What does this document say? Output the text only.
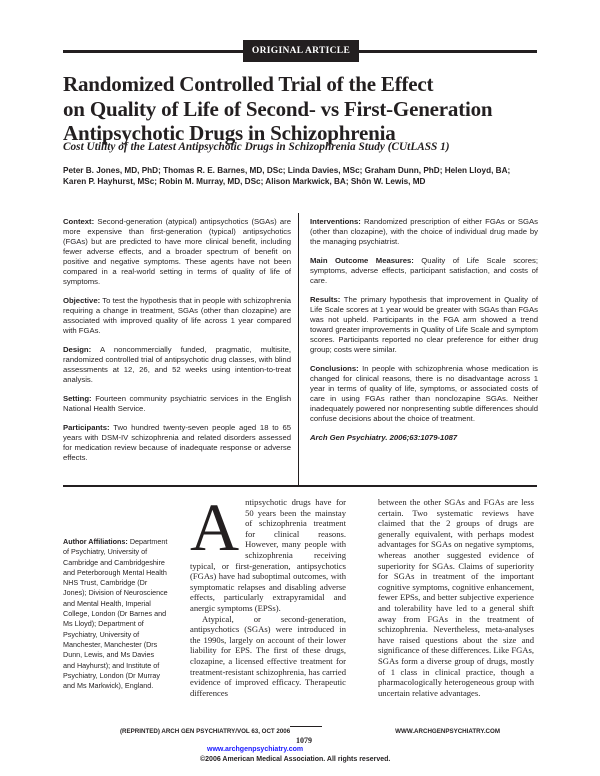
ORIGINAL ARTICLE
Randomized Controlled Trial of the Effect
on Quality of Life of Second- vs First-Generation
Antipsychotic Drugs in Schizophrenia
Cost Utility of the Latest Antipsychotic Drugs in Schizophrenia Study (CUtLASS 1)
Peter B. Jones, MD, PhD; Thomas R. E. Barnes, MD, DSc; Linda Davies, MSc; Graham Dunn, PhD; Helen Lloyd, BA;
Karen P. Hayhurst, MSc; Robin M. Murray, MD, DSc; Alison Markwick, BA; Shôn W. Lewis, MD

Context: Second-generation (atypical) antipsychotics (SGAs) are more expensive than first-generation (typical) antipsychotics (FGAs) but are predicted to have more clinical benefit, including fewer adverse effects, and a broader spectrum of benefit on positive and negative symptoms. These agents have not been compared in a real-world setting in terms of quality of life of symptoms.

Objective: To test the hypothesis that in people with schizophrenia requiring a change in treatment, SGAs (other than clozapine) are associated with improved quality of life across 1 year compared with FGAs.

Design: A noncommercially funded, pragmatic, multisite, randomized controlled trial of antipsychotic drug classes, with blind assessments at 12, 26, and 52 weeks using intention-to-treat analysis.

Setting: Fourteen community psychiatric services in the English National Health Service.

Participants: Two hundred twenty-seven people aged 18 to 65 years with DSM-IV schizophrenia and related disorders assessed for medication review because of inadequate response or adverse effects.

Interventions: Randomized prescription of either FGAs or SGAs (other than clozapine), with the choice of individual drug made by the managing psychiatrist.

Main Outcome Measures: Quality of Life Scale scores; symptoms, adverse effects, participant satisfaction, and costs of care.

Results: The primary hypothesis that improvement in Quality of Life Scale scores at 1 year would be greater with SGAs than FGAs was not upheld. Participants in the FGA arm showed a trend toward greater improvements in Quality of Life Scale and symptom scores. Participants reported no clear preference for either drug group; costs were similar.

Conclusions: In people with schizophrenia whose medication is changed for clinical reasons, there is no disadvantage across 1 year in terms of quality of life, symptoms, or associated costs of care in using FGAs rather than nonclozapine SGAs. Neither inadequately powered nor nonpresenting subtle differences should confuse decisions about the choice of treatment.

Arch Gen Psychiatry. 2006;63:1079-1087

Author Affiliations: Department of Psychiatry, University of Cambridge and Cambridgeshire and Peterborough Mental Health NHS Trust, Cambridge (Dr Jones); Division of Neuroscience and Mental Health, Imperial College, London (Dr Barnes and Ms Lloyd); Department of Psychiatry, University of Manchester, Manchester (Drs Dunn, Lewis, and Ms Davies and Hayhurst); and Institute of Psychiatry, London (Dr Murray and Ms Markwick), England.
A ntipsychotic drugs have for 50 years been the mainstay of schizophrenia treatment for clinical reasons. However, many people with schizophrenia receiving typical, or first-generation, antipsychotics (FGAs) have had suboptimal outcomes, with symptomatic relapses and disabling adverse effects, particularly extrapyramidal and anergic symptoms (EPSs).

Atypical, or second-generation, antipsychotics (SGAs) were introduced in the 1990s, largely on account of their lower liability for EPS. The first of these drugs, clozapine, a licensed effective treatment for treatment-resistant schizophrenia, has carried evidence of improved efficacy. Therapeutic differences

between the other SGAs and FGAs are less certain. Two systematic reviews have claimed that the 2 groups of drugs are generally equivalent, with perhaps modest advantages for SGAs on negative symptoms, whereas another suggested evidence of superiority for SGAs. Claims of superiority for SGAs in treatment of the important cognitive symptoms, cognitive enhancement, fewer EPSs, and better subjective experience and tolerability have led to a general shift away from FGAs in the treatment of schizophrenia. Nevertheless, meta-analyses have raised questions about the size and significance of these differences. Like FGAs, SGAs form a diverse group of drugs, mostly of 1 class in clinical practice, though a pharmacologically heterogeneous group with uncertain relative advantages.

(REPRINTED) ARCH GEN PSYCHIATRY/VOL 63, OCT 2006	WWW.ARCHGENPSYCHIATRY.COM
1079
www.archgenpsychiatry.com
©2006 American Medical Association. All rights reserved.
